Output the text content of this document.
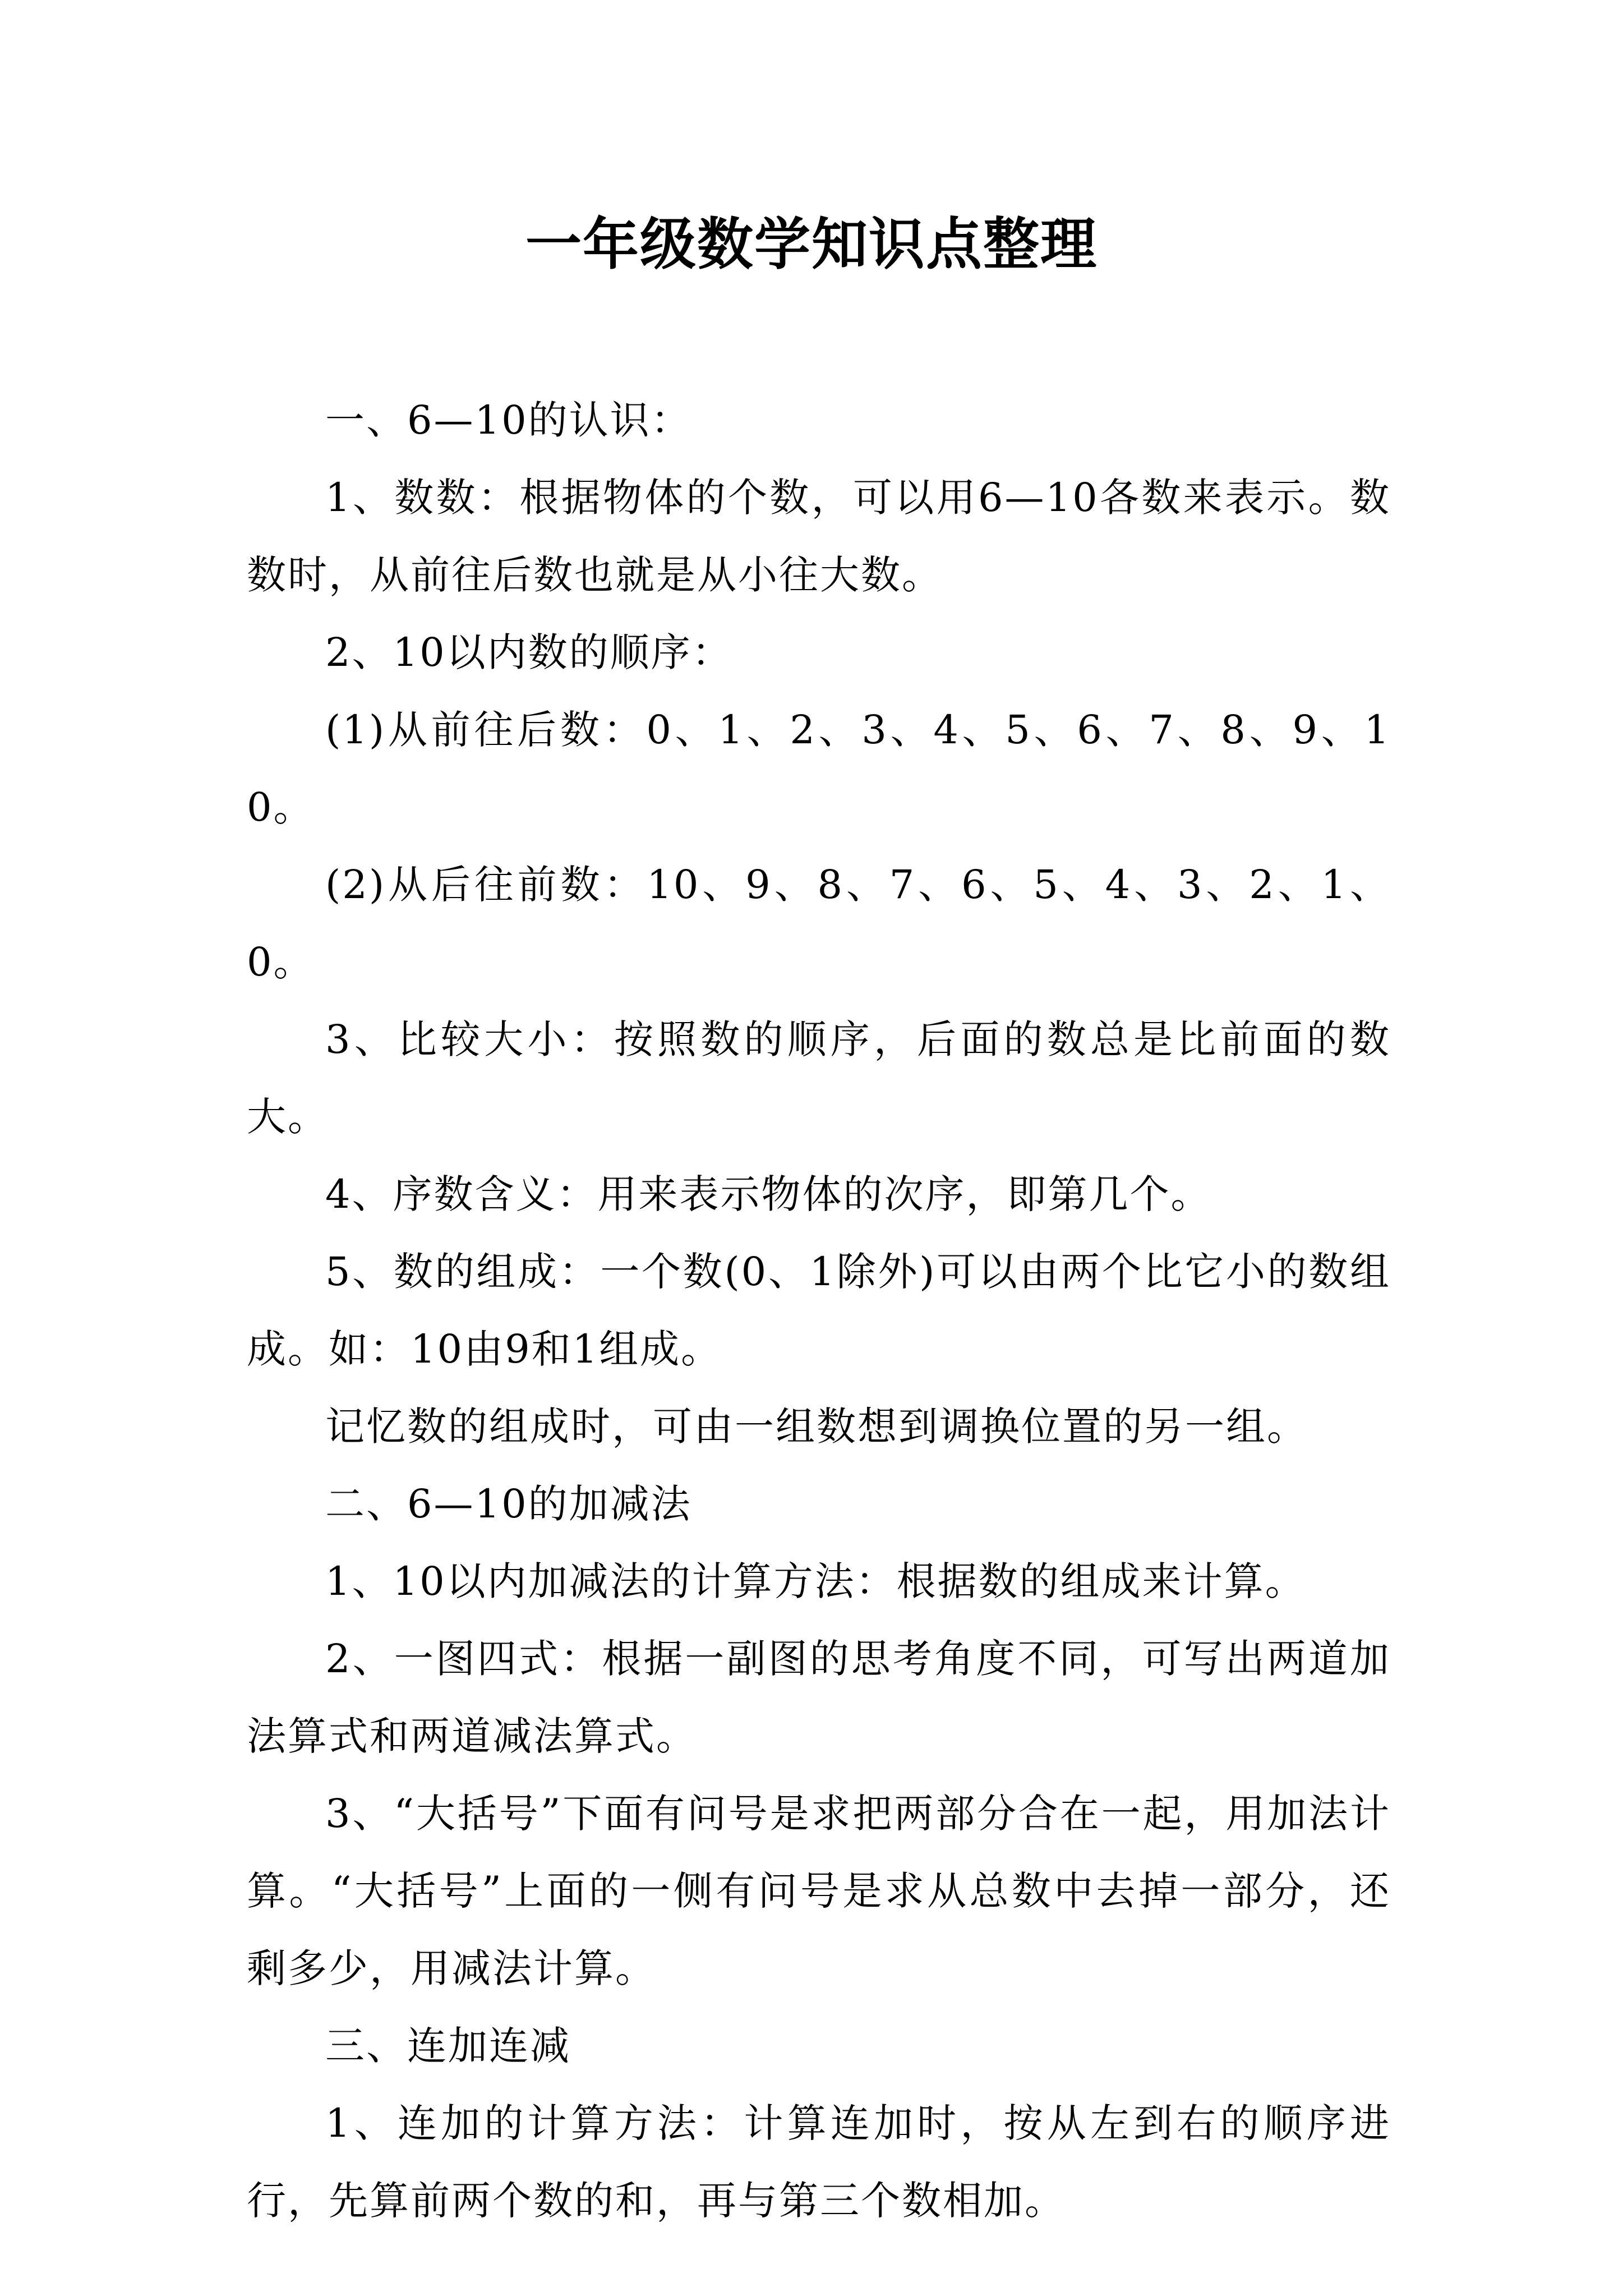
一年级数学知识点整理

一、6—10的认识：

1、数数：根据物体的个数，可以用6—10各数来表示。数数时，从前往后数也就是从小往大数。

2、10以内数的顺序：

(1)从前往后数：0、1、2、3、4、5、6、7、8、9、10。

(2)从后往前数：10、9、8、7、6、5、4、3、2、1、0。

3、比较大小：按照数的顺序，后面的数总是比前面的数大。

4、序数含义：用来表示物体的次序，即第几个。

5、数的组成：一个数(0、1除外)可以由两个比它小的数组成。如：10由9和1组成。

记忆数的组成时，可由一组数想到调换位置的另一组。

二、6—10的加减法

1、10以内加减法的计算方法：根据数的组成来计算。

2、一图四式：根据一副图的思考角度不同，可写出两道加法算式和两道减法算式。

3、“大括号”下面有问号是求把两部分合在一起，用加法计算。“大括号”上面的一侧有问号是求从总数中去掉一部分，还剩多少，用减法计算。

三、连加连减

1、连加的计算方法：计算连加时，按从左到右的顺序进行，先算前两个数的和，再与第三个数相加。
